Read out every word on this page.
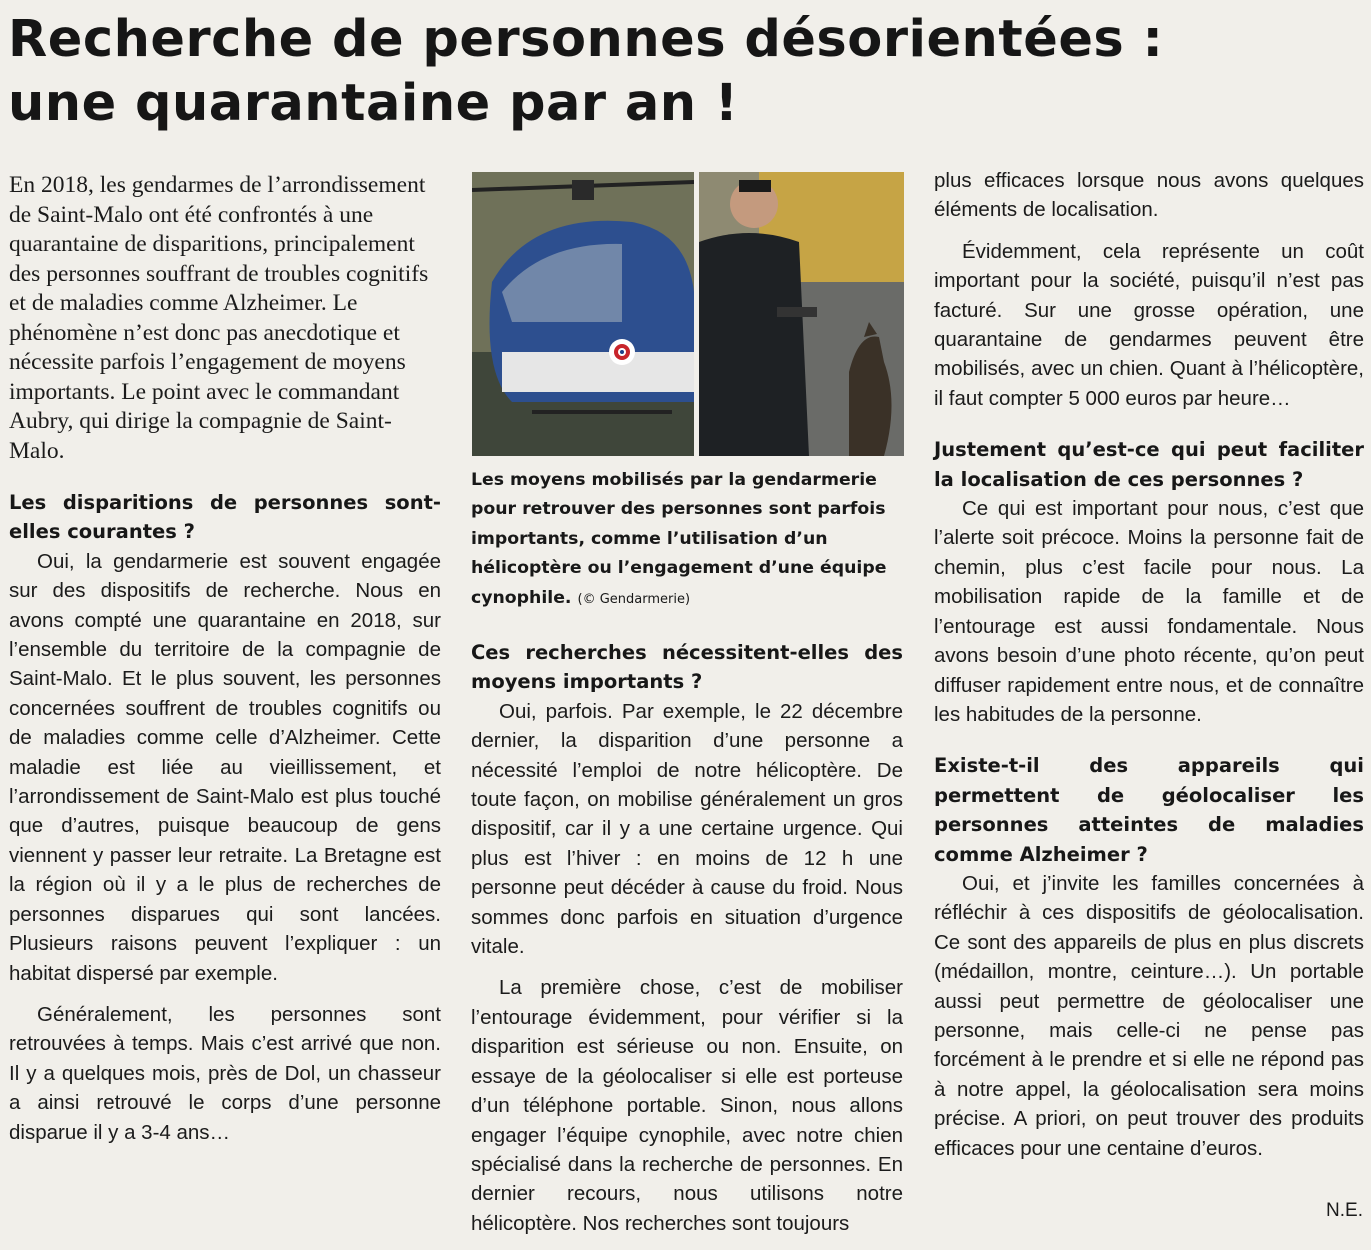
Recherche de personnes désorientées :
une quarantaine par an !

En 2018, les gendarmes de l’arrondissement de Saint-Malo ont été confrontés à une quarantaine de disparitions, principalement des personnes souffrant de troubles cognitifs et de maladies comme Alzheimer. Le phénomène n’est donc pas anecdotique et nécessite parfois l’engagement de moyens importants. Le point avec le commandant Aubry, qui dirige la compagnie de Saint-Malo.

Les disparitions de personnes sont-elles courantes ?

Oui, la gendarmerie est souvent engagée sur des dispositifs de recherche. Nous en avons compté une quarantaine en 2018, sur l’ensemble du territoire de la compagnie de Saint-Malo. Et le plus souvent, les personnes concernées souffrent de troubles cognitifs ou de maladies comme celle d’Alzheimer. Cette maladie est liée au vieillissement, et l’arrondissement de Saint-Malo est plus touché que d’autres, puisque beaucoup de gens viennent y passer leur retraite. La Bretagne est la région où il y a le plus de recherches de personnes disparues qui sont lancées. Plusieurs raisons peuvent l’expliquer : un habitat dispersé par exemple.

Généralement, les personnes sont retrouvées à temps. Mais c’est arrivé que non. Il y a quelques mois, près de Dol, un chasseur a ainsi retrouvé le corps d’une personne disparue il y a 3-4 ans…

Les moyens mobilisés par la gendarmerie pour retrouver des personnes sont parfois importants, comme l’utilisation d’un hélicoptère ou l’engagement d’une équipe cynophile. (© Gendarmerie)
Ces recherches nécessitent-elles des moyens importants ?

Oui, parfois. Par exemple, le 22 décembre dernier, la disparition d’une personne a nécessité l’emploi de notre hélicoptère. De toute façon, on mobilise généralement un gros dispositif, car il y a une certaine urgence. Qui plus est l’hiver : en moins de 12 h une personne peut décéder à cause du froid. Nous sommes donc parfois en situation d’urgence vitale.

La première chose, c’est de mobiliser l’entourage évidemment, pour vérifier si la disparition est sérieuse ou non. Ensuite, on essaye de la géolocaliser si elle est porteuse d’un téléphone portable. Sinon, nous allons engager l’équipe cynophile, avec notre chien spécialisé dans la recherche de personnes. En dernier recours, nous utilisons notre hélicoptère. Nos recherches sont toujours

plus efficaces lorsque nous avons quelques éléments de localisation.

Évidemment, cela représente un coût important pour la société, puisqu’il n’est pas facturé. Sur une grosse opération, une quarantaine de gendarmes peuvent être mobilisés, avec un chien. Quant à l’hélicoptère, il faut compter 5 000 euros par heure…

Justement qu’est-ce qui peut faciliter la localisation de ces personnes ?

Ce qui est important pour nous, c’est que l’alerte soit précoce. Moins la personne fait de chemin, plus c’est facile pour nous. La mobilisation rapide de la famille et de l’entourage est aussi fondamentale. Nous avons besoin d’une photo récente, qu’on peut diffuser rapidement entre nous, et de connaître les habitudes de la personne.

Existe-t-il des appareils qui permettent de géolocaliser les personnes atteintes de maladies comme Alzheimer ?

Oui, et j’invite les familles concernées à réfléchir à ces dispositifs de géolocalisation. Ce sont des appareils de plus en plus discrets (médaillon, montre, ceinture…). Un portable aussi peut permettre de géolocaliser une personne, mais celle-ci ne pense pas forcément à le prendre et si elle ne répond pas à notre appel, la géolocalisation sera moins précise. A priori, on peut trouver des produits efficaces pour une centaine d’euros.

N.E.
